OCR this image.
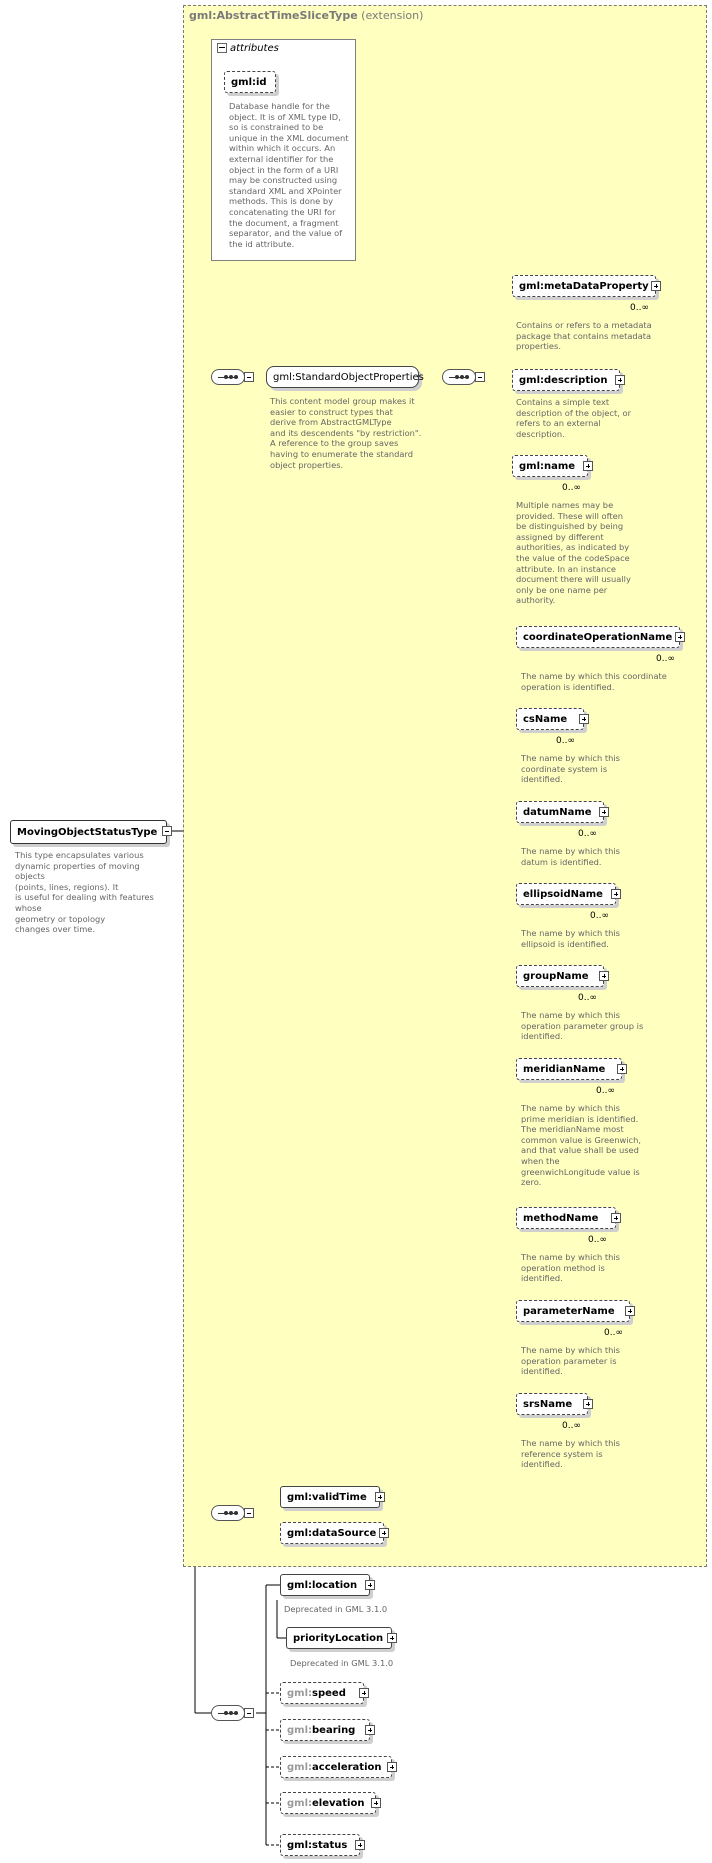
gml:AbstractTimeSliceType (extension)
attributes
gml:id
Database handle for the
object. It is of XML type ID,
so is constrained to be
unique in the XML document
within which it occurs. An
external identifier for the
object in the form of a URI
may be constructed using
standard XML and XPointer
methods. This is done by
concatenating the URI for
the document, a fragment
separator, and the value of
the id attribute.
MovingObjectStatusType
This type encapsulates various
dynamic properties of moving
objects
(points, lines, regions). It
is useful for dealing with features
whose
geometry or topology
changes over time.
gml:StandardObjectProperties
This content model group makes it
easier to construct types that
derive from AbstractGMLType
and its descendents "by restriction".
A reference to the group saves
having to enumerate the standard
object properties.
gml:metaDataProperty
0..∞
Contains or refers to a metadata
package that contains metadata
properties.
gml:description
Contains a simple text
description of the object, or
refers to an external
description.
gml:name
0..∞
Multiple names may be
provided. These will often
be distinguished by being
assigned by different
authorities, as indicated by
the value of the codeSpace
attribute. In an instance
document there will usually
only be one name per
authority.
coordinateOperationName
0..∞
The name by which this coordinate
operation is identified.
csName
0..∞
The name by which this
coordinate system is
identified.
datumName
0..∞
The name by which this
datum is identified.
ellipsoidName
0..∞
The name by which this
ellipsoid is identified.
groupName
0..∞
The name by which this
operation parameter group is
identified.
meridianName
0..∞
The name by which this
prime meridian is identified.
The meridianName most
common value is Greenwich,
and that value shall be used
when the
greenwichLongitude value is
zero.
methodName
0..∞
The name by which this
operation method is
identified.
parameterName
0..∞
The name by which this
operation parameter is
identified.
srsName
0..∞
The name by which this
reference system is
identified.
gml:validTime
gml:dataSource
gml:location
Deprecated in GML 3.1.0
priorityLocation
Deprecated in GML 3.1.0
gml: speed
gml: bearing
gml: acceleration
gml: elevation
gml:status
